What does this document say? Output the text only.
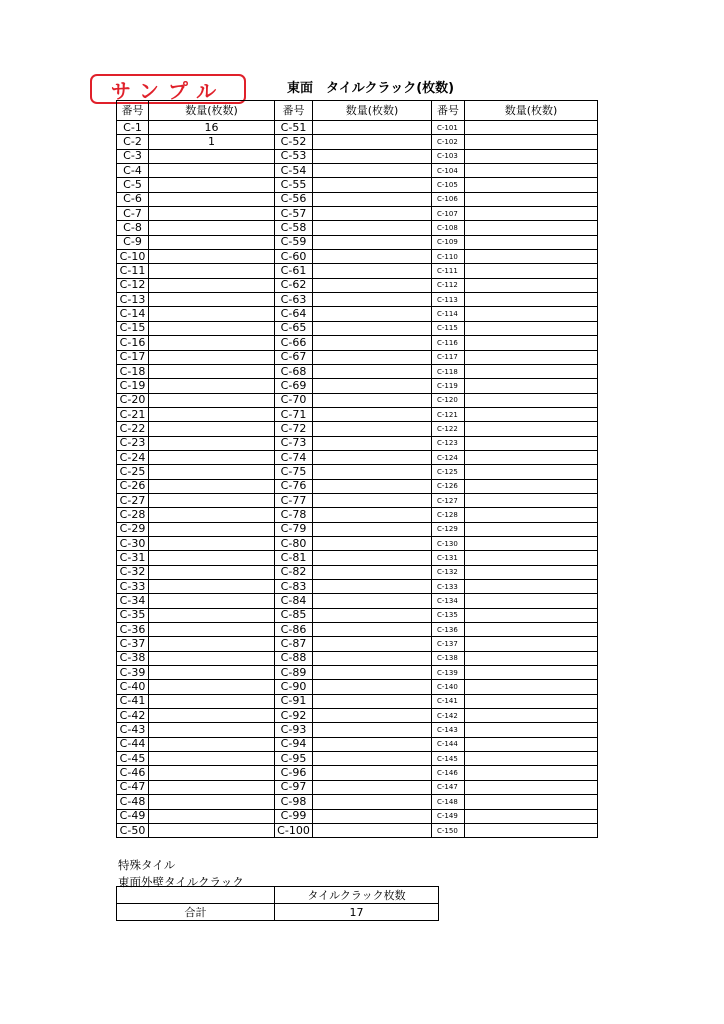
サンプル	東面　タイルクラック(枚数)
番号	数量(枚数)	番号	数量(枚数)	番号	数量(枚数)
C-1	16	C-51		C-101	
C-2	1	C-52		C-102	
C-3		C-53		C-103	
C-4		C-54		C-104	
C-5		C-55		C-105	
C-6		C-56		C-106	
C-7		C-57		C-107	
C-8		C-58		C-108	
C-9		C-59		C-109	
C-10		C-60		C-110	
C-11		C-61		C-111	
C-12		C-62		C-112	
C-13		C-63		C-113	
C-14		C-64		C-114	
C-15		C-65		C-115	
C-16		C-66		C-116	
C-17		C-67		C-117	
C-18		C-68		C-118	
C-19		C-69		C-119	
C-20		C-70		C-120	
C-21		C-71		C-121	
C-22		C-72		C-122	
C-23		C-73		C-123	
C-24		C-74		C-124	
C-25		C-75		C-125	
C-26		C-76		C-126	
C-27		C-77		C-127	
C-28		C-78		C-128	
C-29		C-79		C-129	
C-30		C-80		C-130	
C-31		C-81		C-131	
C-32		C-82		C-132	
C-33		C-83		C-133	
C-34		C-84		C-134	
C-35		C-85		C-135	
C-36		C-86		C-136	
C-37		C-87		C-137	
C-38		C-88		C-138	
C-39		C-89		C-139	
C-40		C-90		C-140	
C-41		C-91		C-141	
C-42		C-92		C-142	
C-43		C-93		C-143	
C-44		C-94		C-144	
C-45		C-95		C-145	
C-46		C-96		C-146	
C-47		C-97		C-147	
C-48		C-98		C-148	
C-49		C-99		C-149	
C-50		C-100		C-150	
特殊タイル
東面外壁タイルクラック
	タイルクラック枚数
合計	17
